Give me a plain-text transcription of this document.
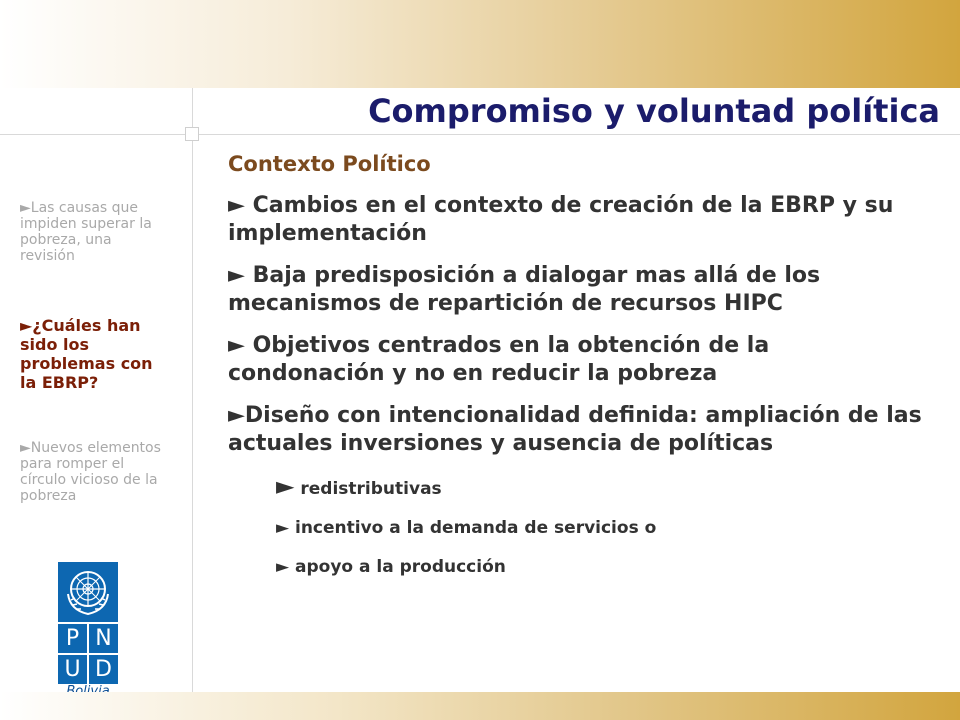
Compromiso y voluntad política

►Las causas que impiden superar la pobreza, una revisión

►¿Cuáles han sido los problemas con la EBRP?

►Nuevos elementos para romper el círculo vicioso de la pobreza

P N
U D

Contexto Político

► Cambios en el contexto de creación de la EBRP y su implementación

► Baja predisposición a dialogar mas allá de los mecanismos de repartición de recursos HIPC

► Objetivos centrados en la obtención de la condonación y no en reducir la pobreza

►Diseño con intencionalidad definida: ampliación de las actuales inversiones y ausencia de políticas

► redistributivas

► incentivo a la demanda de servicios o

► apoyo a la producción
